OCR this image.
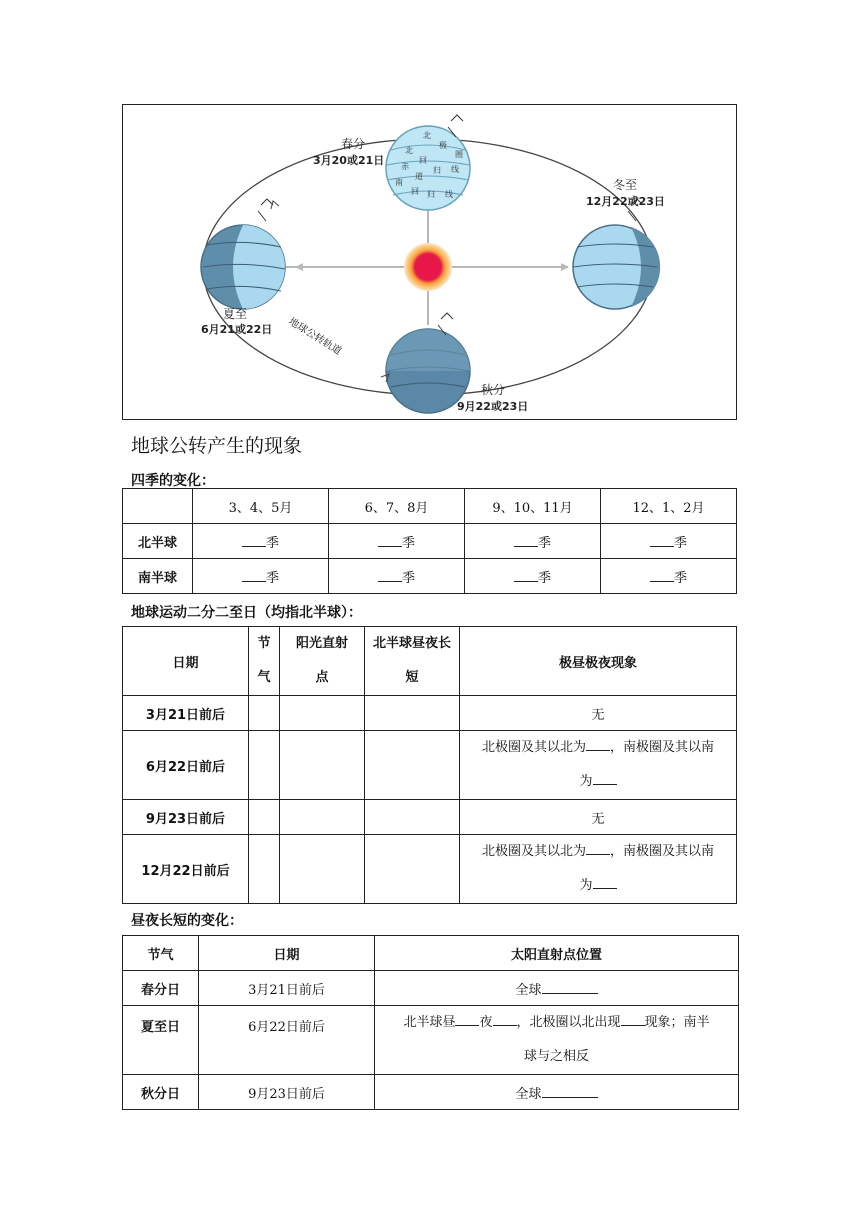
北
极
圈
北
回
归 线
赤
道
南
回 归 线
春分
3月20或21日
冬至
12月22或23日
夏至
6月21或22日
秋分
9月22或23日
地球公转轨道
地球公转产生的现象
四季的变化：
	3、4、5月	6、7、8月	9、10、11月	12、1、2月
北半球	季	季	季	季
南半球	季	季	季	季
地球运动二分二至日（均指北半球）：
日期	节气	阳光直射点	北半球昼夜长短	极昼极夜现象
3月21日前后				无
6月22日前后				北极圈及其以北为 ，南极圈及其以南
为
9月23日前后				无
12月22日前后				北极圈及其以北为 ，南极圈及其以南
为
昼夜长短的变化：
节气	日期	太阳直射点位置
春分日	3月21日前后	全球
夏至日	6月22日前后	北半球昼 夜 ，北极圈以北出现 现象；南半
球与之相反
秋分日	9月23日前后	全球
